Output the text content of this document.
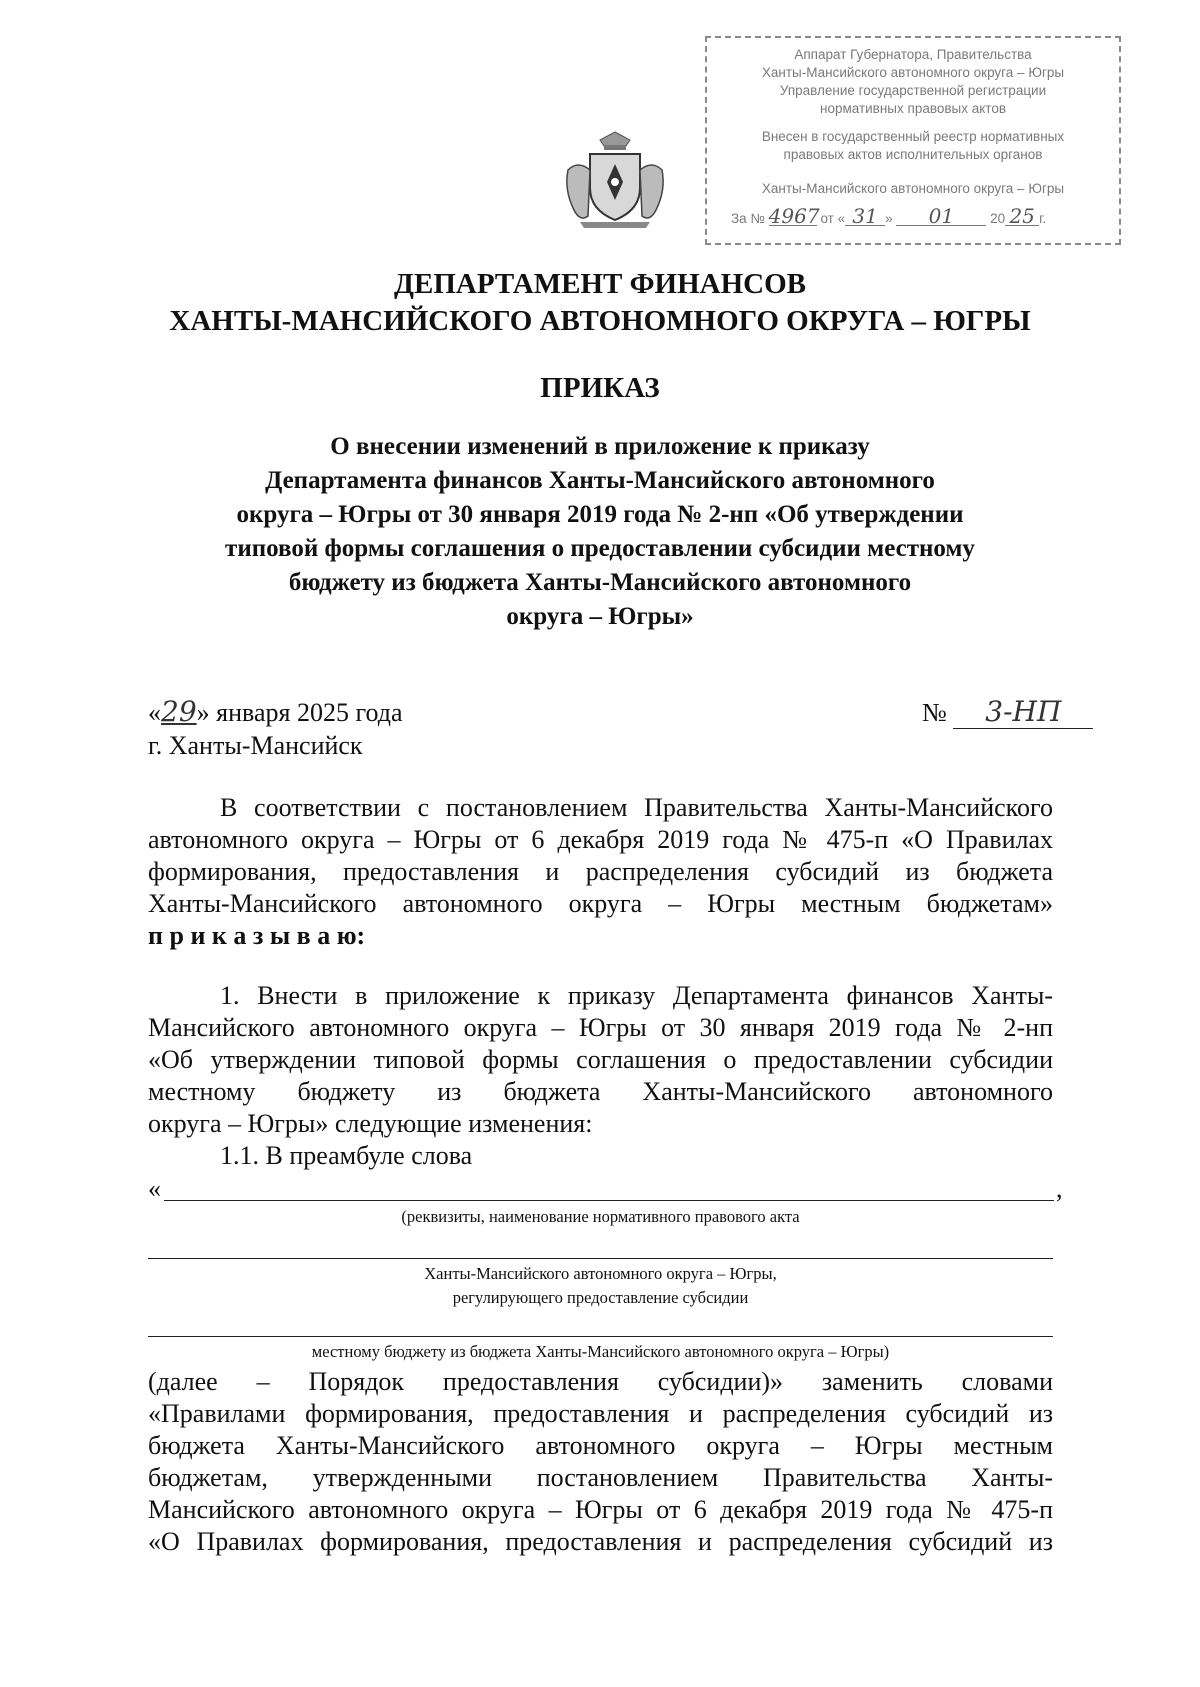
Аппарат Губернатора, Правительства
Ханты-Мансийского автономного округа – Югры
Управление государственной регистрации
нормативных правовых актов
Внесен в государственный реестр нормативных
правовых актов исполнительных органов
Ханты-Мансийского автономного округа – Югры
За № 4967 от « 31 » 01	20 25 г.
ДЕПАРТАМЕНТ ФИНАНСОВ
ХАНТЫ-МАНСИЙСКОГО АВТОНОМНОГО ОКРУГА – ЮГРЫ
ПРИКАЗ
О внесении изменений в приложение к приказу
Департамента финансов Ханты-Мансийского автономного
округа – Югры от 30 января 2019 года № 2-нп «Об утверждении
типовой формы соглашения о предоставлении субсидии местному
бюджету из бюджета Ханты-Мансийского автономного
округа – Югры»
«29» января 2025 года
г. Ханты-Мансийск
№ 3-НП
В соответствии с постановлением Правительства Ханты-Мансийского
автономного округа – Югры от 6 декабря 2019 года № 475-п «О Правилах
формирования, предоставления и распределения субсидий из бюджета
Ханты-Мансийского автономного округа – Югры местным бюджетам»
п р и к а з ы в а ю:
1. Внести в приложение к приказу Департамента финансов Ханты-
Мансийского автономного округа – Югры от 30 января 2019 года № 2-нп
«Об утверждении типовой формы соглашения о предоставлении субсидии
местному бюджету из бюджета Ханты-Мансийского автономного
округа – Югры» следующие изменения:
1.1. В преамбуле слова
«	,
(реквизиты, наименование нормативного правового акта
Ханты-Мансийского автономного округа – Югры,
регулирующего предоставление субсидии
местному бюджету из бюджета Ханты-Мансийского автономного округа – Югры)
(далее – Порядок предоставления субсидии)» заменить словами
«Правилами формирования, предоставления и распределения субсидий из
бюджета Ханты-Мансийского автономного округа – Югры местным
бюджетам, утвержденными постановлением Правительства Ханты-
Мансийского автономного округа – Югры от 6 декабря 2019 года № 475-п
«О Правилах формирования, предоставления и распределения субсидий из
